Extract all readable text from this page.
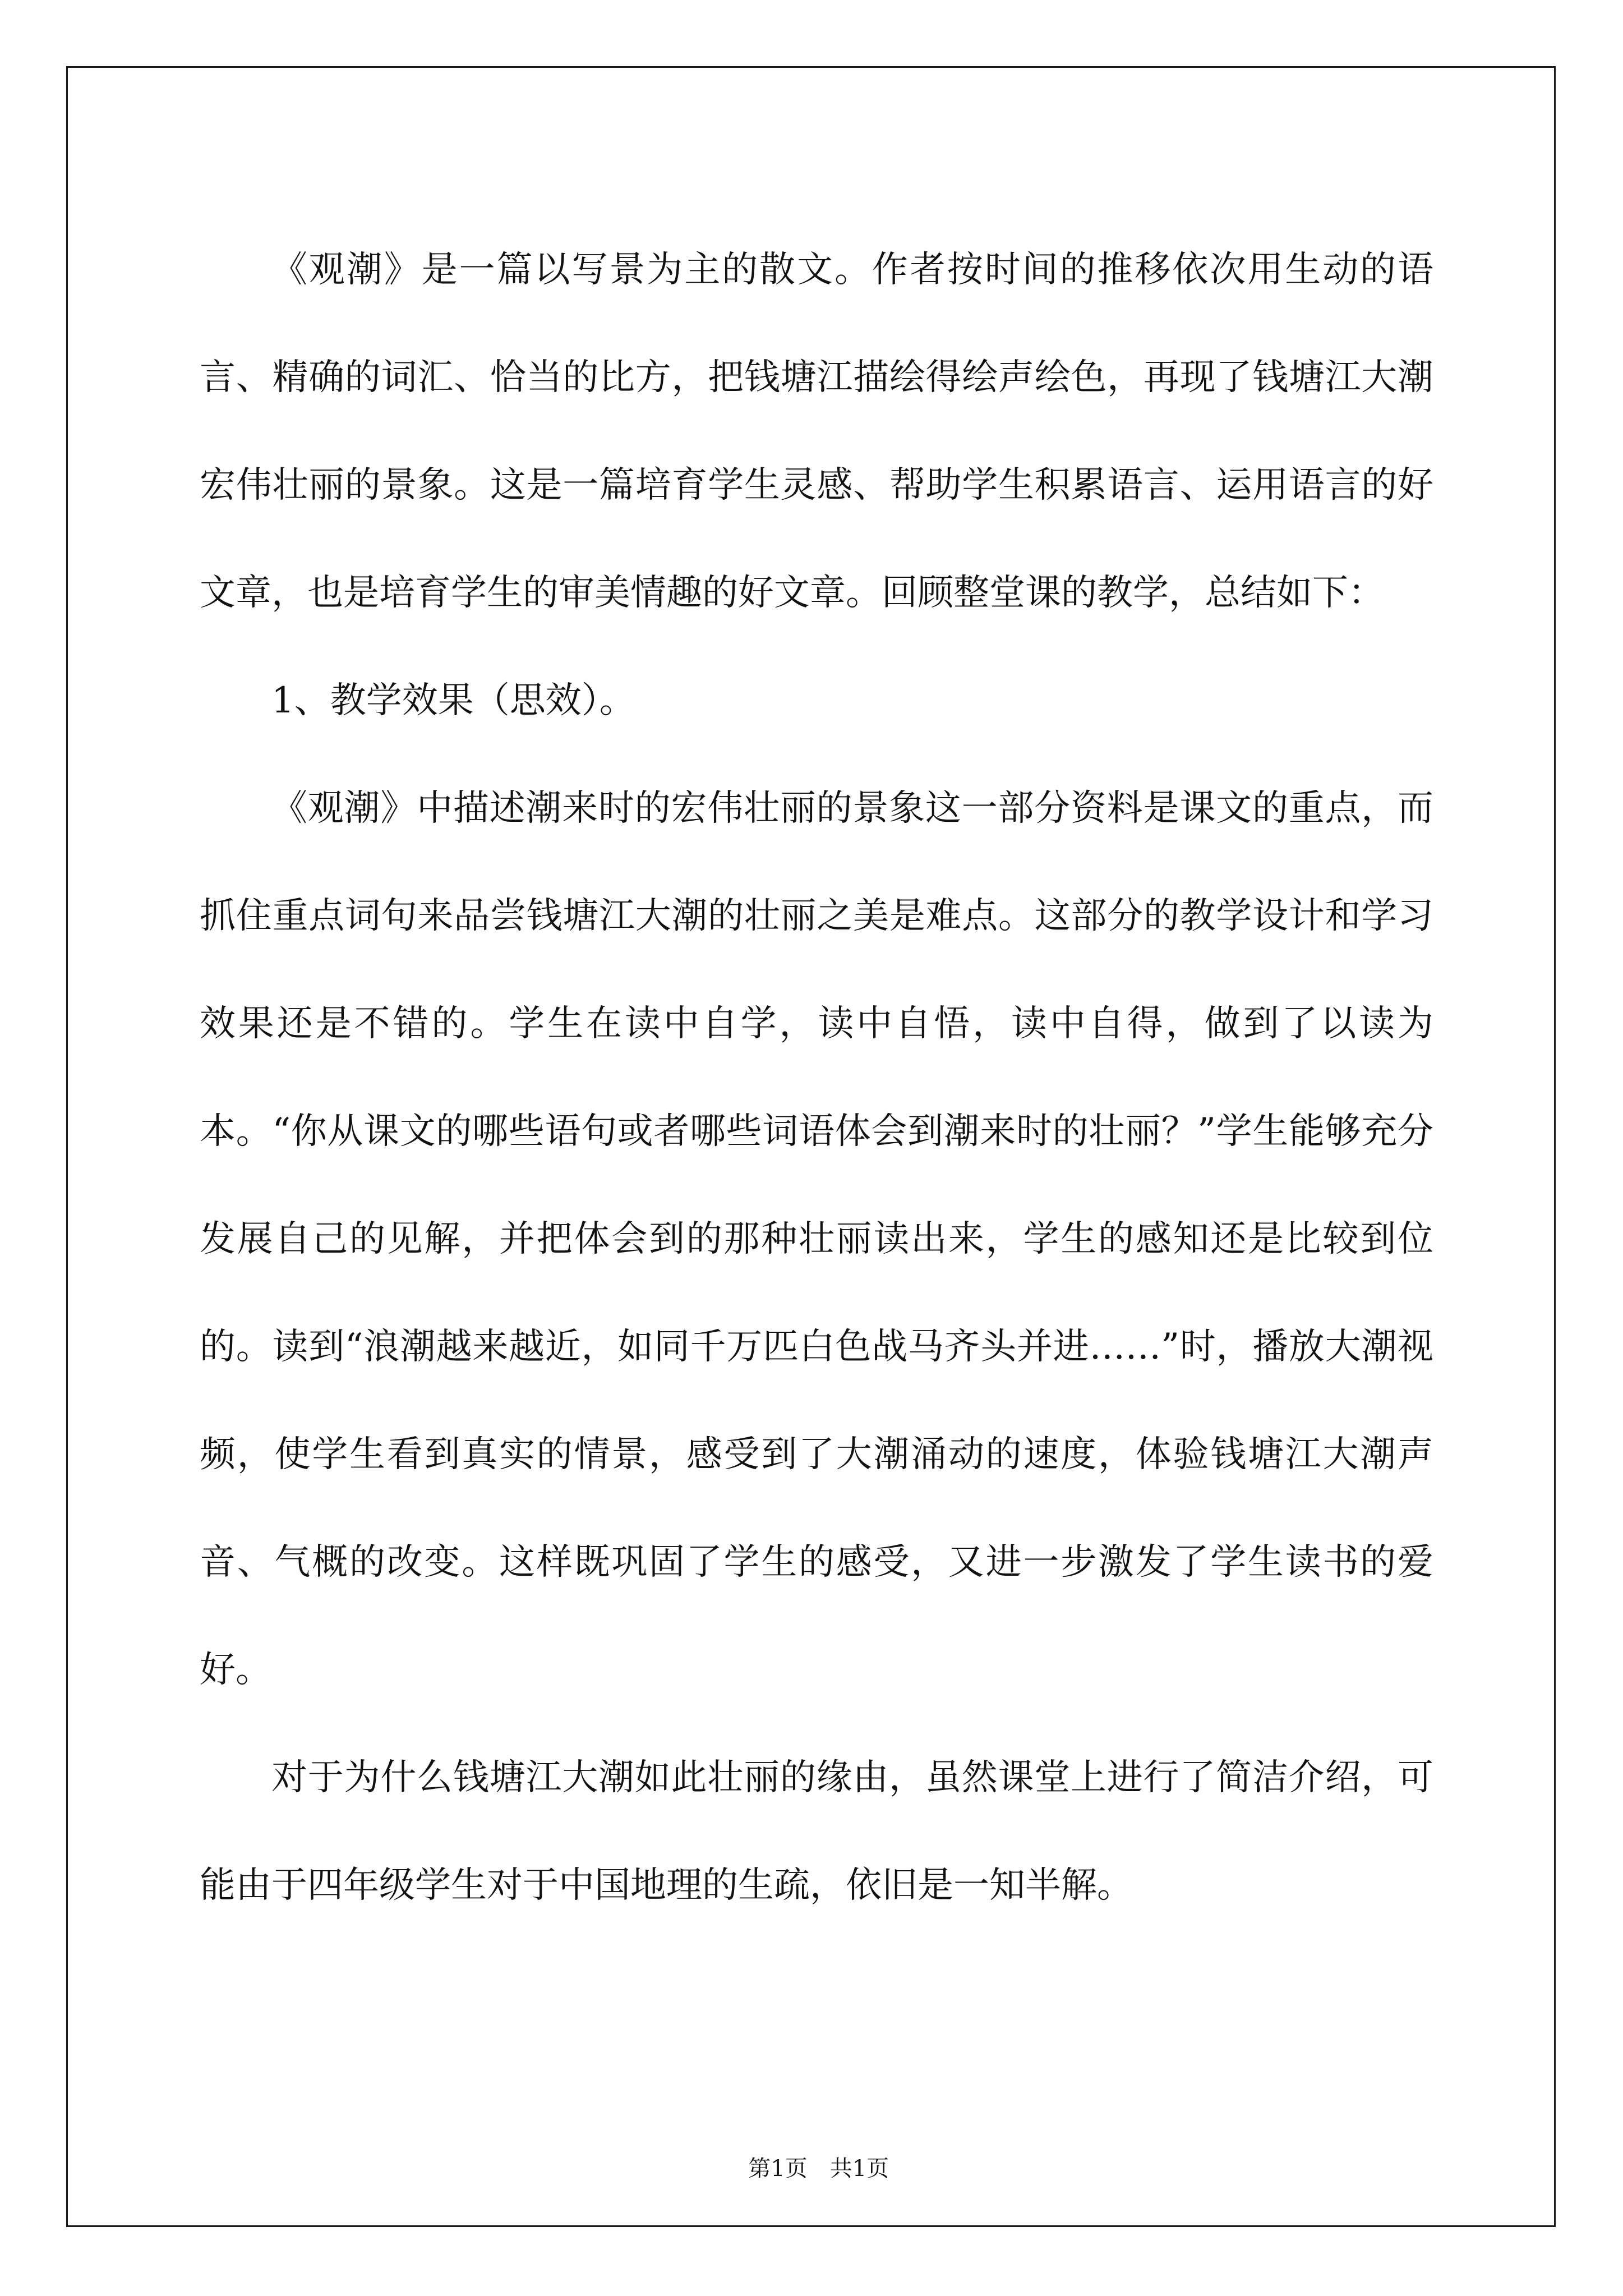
《观潮》是一篇以写景为主的散文。作者按时间的推移依次用生动的语言、精确的词汇、恰当的比方，把钱塘江描绘得绘声绘色，再现了钱塘江大潮宏伟壮丽的景象。这是一篇培育学生灵感、帮助学生积累语言、运用语言的好文章，也是培育学生的审美情趣的好文章。回顾整堂课的教学，总结如下：

1、教学效果（思效）。

《观潮》中描述潮来时的宏伟壮丽的景象这一部分资料是课文的重点，而抓住重点词句来品尝钱塘江大潮的壮丽之美是难点。这部分的教学设计和学习效果还是不错的。学生在读中自学，读中自悟，读中自得，做到了以读为本。“你从课文的哪些语句或者哪些词语体会到潮来时的壮丽？”学生能够充分发展自己的见解，并把体会到的那种壮丽读出来，学生的感知还是比较到位的。读到“浪潮越来越近，如同千万匹白色战马齐头并进……”时，播放大潮视频，使学生看到真实的情景，感受到了大潮涌动的速度，体验钱塘江大潮声音、气概的改变。这样既巩固了学生的感受，又进一步激发了学生读书的爱好。

对于为什么钱塘江大潮如此壮丽的缘由，虽然课堂上进行了简洁介绍，可能由于四年级学生对于中国地理的生疏，依旧是一知半解。

第1页　共1页
